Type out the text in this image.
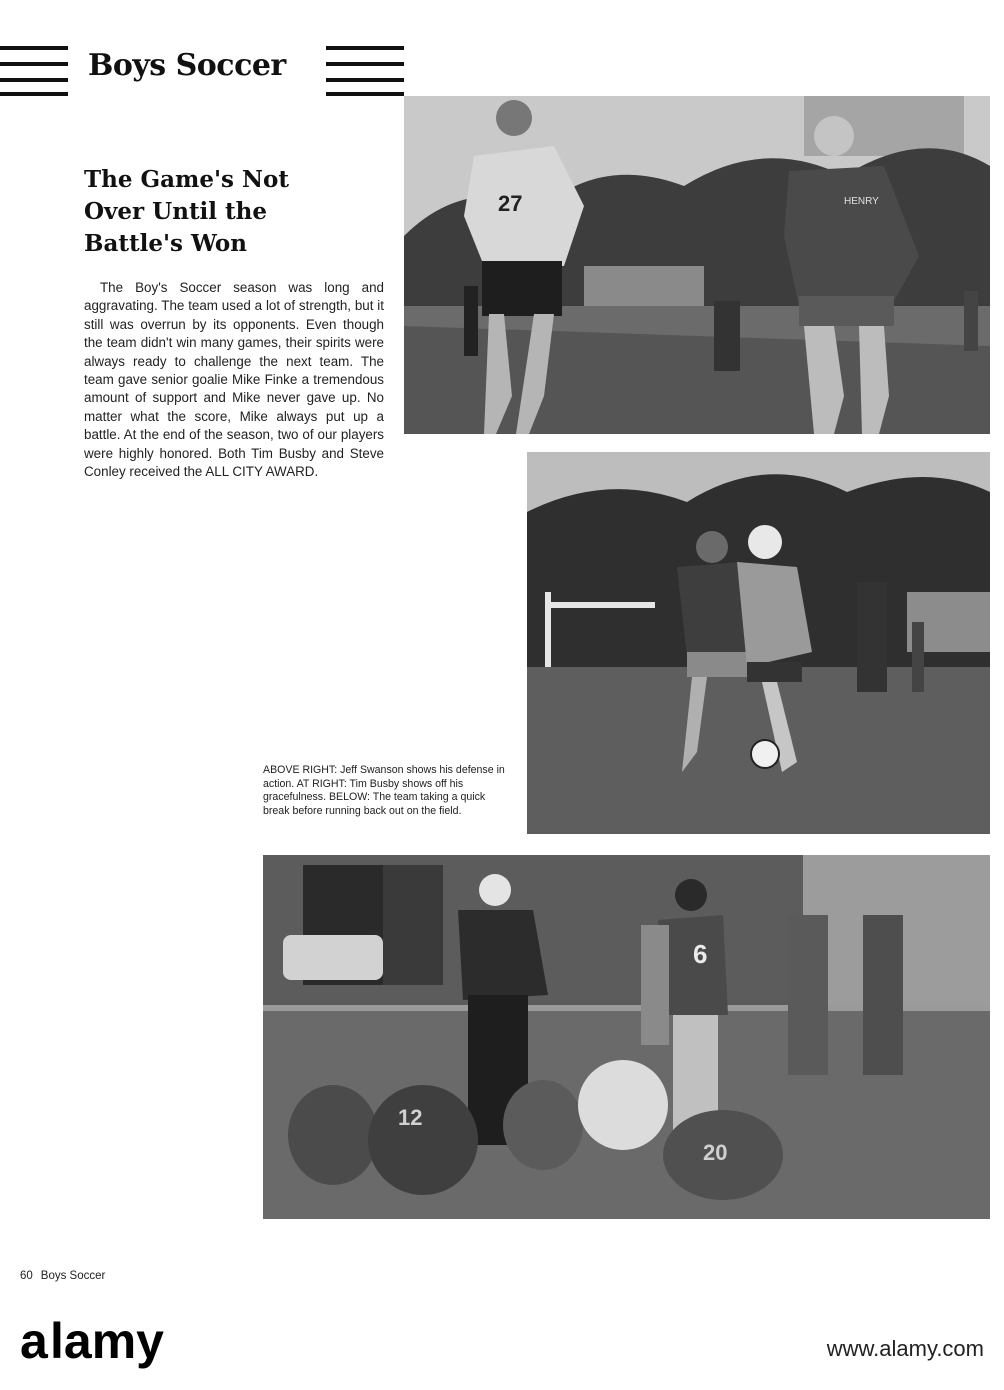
Boys Soccer
The Game's Not
Over Until the
Battle's Won

The Boy's Soccer season was long and aggravating. The team used a lot of strength, but it still was overrun by its opponents. Even though the team didn't win many games, their spirits were always ready to challenge the next team. The team gave senior goalie Mike Finke a tremendous amount of support and Mike never gave up. No matter what the score, Mike always put up a battle. At the end of the season, two of our players were highly honored. Both Tim Busby and Steve Conley received the ALL CITY AWARD.

27	HENRY

ABOVE RIGHT: Jeff Swanson shows his defense in action. AT RIGHT: Tim Busby shows off his gracefulness. BELOW: The team taking a quick break before running back out on the field.

6
12
20
60 Boys Soccer
a lamy	www.alamy.com
